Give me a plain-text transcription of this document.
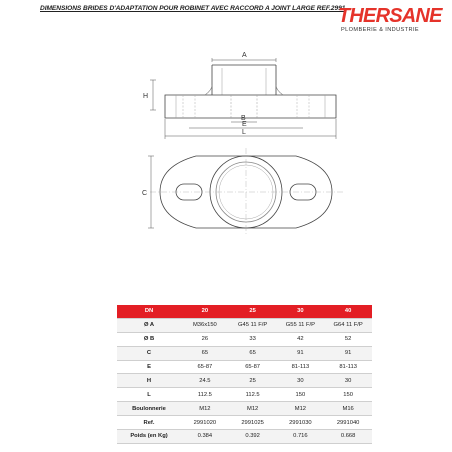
DIMENSIONS BRIDES D'ADAPTATION POUR ROBINET AVEC RACCORD A JOINT LARGE REF.2991
THERSANE
PLOMBERIE & INDUSTRIE
A
B
E
L
H
C
DN	20	25	30	40
Ø A	M36x150	G45 11 F/P	G55 11 F/P	G64 11 F/P
Ø B	26	33	42	52
C	65	65	91	91
E	65-87	65-87	81-113	81-113
H	24.5	25	30	30
L	112.5	112.5	150	150
Boulonnerie	M12	M12	M12	M16
Ref.	2991020	2991025	2991030	2991040
Poids (en Kg)	0.384	0.392	0.716	0.668
